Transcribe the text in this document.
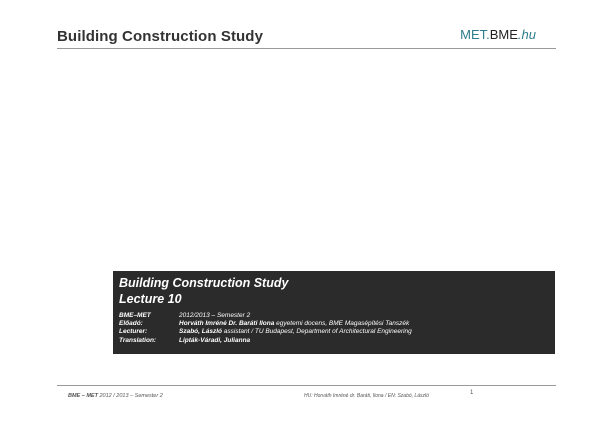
Building Construction Study	MET.BME.hu
Building Construction Study
Lecture 10
BME–MET	2012/2013 – Semester 2
Előadó:	Horváth Imréné Dr. Baráti Ilona egyetemi docens, BME Magasépítési Tanszék
Lecturer:	Szabó, László assistant / TU Budapest, Department of Architectural Engineering
Translation:	Lipták-Váradi, Julianna
BME – MET 2012 / 2013 – Semester 2	HU: Horváth Imréné dr. Baráti, Ilona / EN: Szabó, László	1
